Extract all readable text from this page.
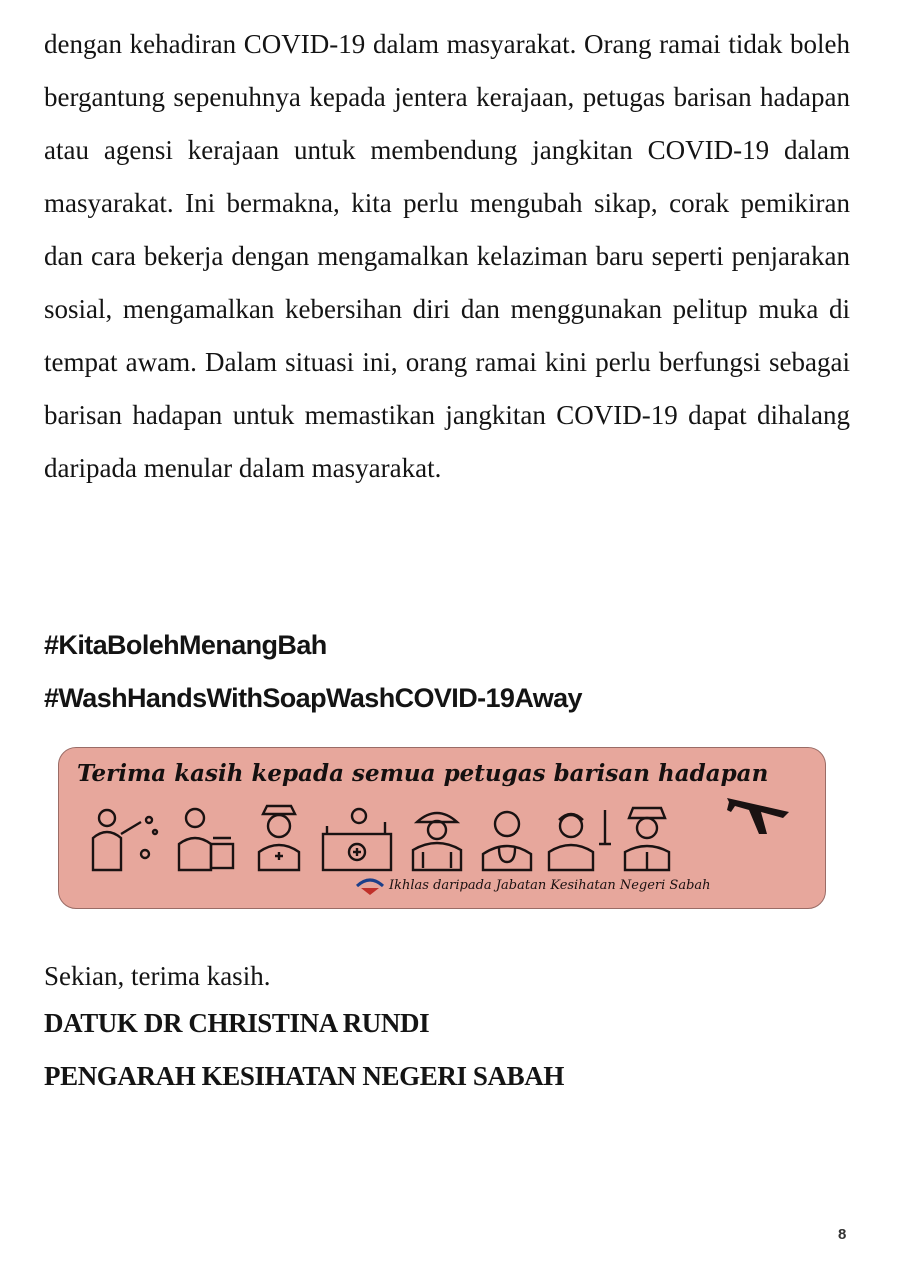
dengan kehadiran COVID-19 dalam masyarakat. Orang ramai tidak boleh bergantung sepenuhnya kepada jentera kerajaan, petugas barisan hadapan atau agensi kerajaan untuk membendung jangkitan COVID-19 dalam masyarakat. Ini bermakna, kita perlu mengubah sikap, corak pemikiran dan cara bekerja dengan mengamalkan kelaziman baru seperti penjarakan sosial, mengamalkan kebersihan diri dan menggunakan pelitup muka di tempat awam. Dalam situasi ini, orang ramai kini perlu berfungsi sebagai barisan hadapan untuk memastikan jangkitan COVID-19 dapat dihalang daripada menular dalam masyarakat.

#KitaBolehMenangBah
#WashHandsWithSoapWashCOVID-19Away
Terima kasih kepada semua petugas barisan hadapan
Ikhlas daripada Jabatan Kesihatan Negeri Sabah
Sekian, terima kasih.
DATUK DR CHRISTINA RUNDI
PENGARAH KESIHATAN NEGERI SABAH
8
